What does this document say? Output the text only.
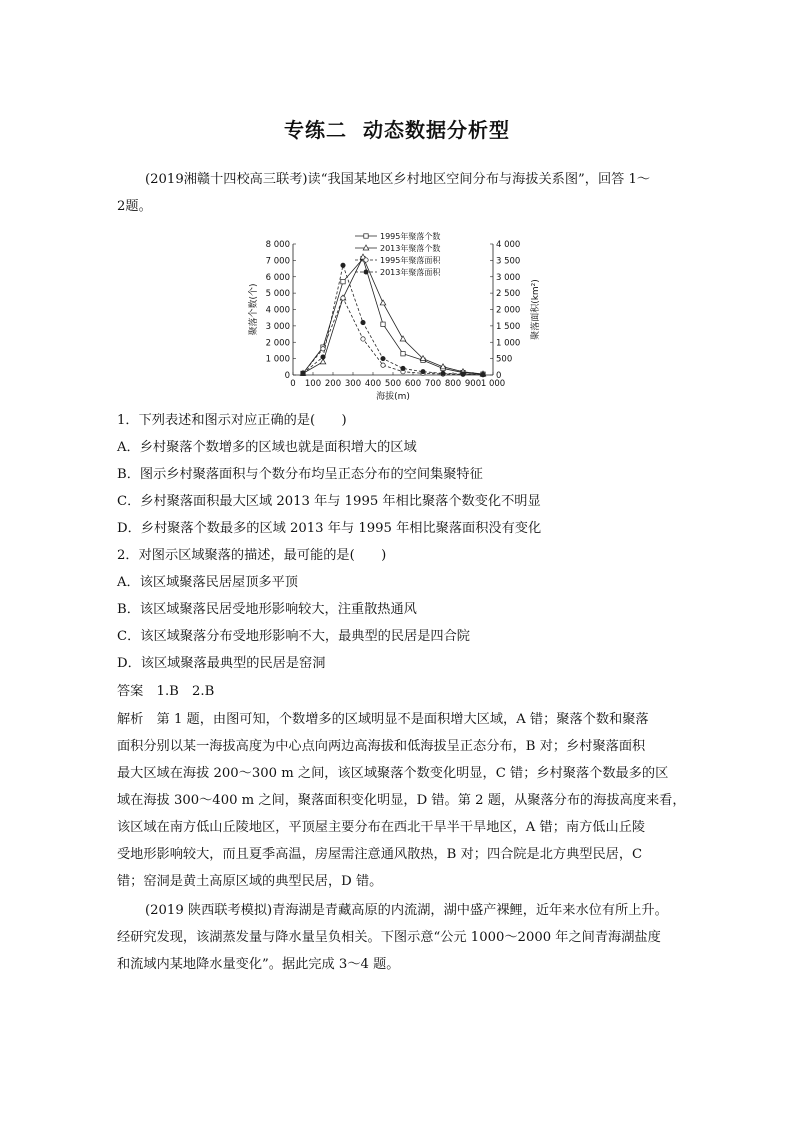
专练二 动态数据分析型
(2019湘赣十四校高三联考)读“我国某地区乡村地区空间分布与海拔关系图”，回答 1～
2题。
0
1 000
2 000
3 000
4 000
5 000
6 000
7 000
8 000
0
500
1 000
1 500
2 000
2 500
3 000
3 500
4 000
0 100 200 300 400 500 600 700 800 900 1 000
海拔(m)
聚落个数(个)	聚落面积(km²)
1995年聚落个数
2013年聚落个数
1995年聚落面积
2013年聚落面积
1．下列表述和图示对应正确的是(　　)
A．乡村聚落个数增多的区域也就是面积增大的区域
B．图示乡村聚落面积与个数分布均呈正态分布的空间集聚特征
C．乡村聚落面积最大区域 2013 年与 1995 年相比聚落个数变化不明显
D．乡村聚落个数最多的区域 2013 年与 1995 年相比聚落面积没有变化
2．对图示区域聚落的描述，最可能的是(　　)
A．该区域聚落民居屋顶多平顶
B．该区域聚落民居受地形影响较大，注重散热通风
C．该区域聚落分布受地形影响不大，最典型的民居是四合院
D．该区域聚落最典型的民居是窑洞
答案　1.B　2.B
解析　第 1 题，由图可知，个数增多的区域明显不是面积增大区域，A 错；聚落个数和聚落
面积分别以某一海拔高度为中心点向两边高海拔和低海拔呈正态分布，B 对；乡村聚落面积
最大区域在海拔 200～300 m 之间，该区域聚落个数变化明显，C 错；乡村聚落个数最多的区
域在海拔 300～400 m 之间，聚落面积变化明显，D 错。第 2 题，从聚落分布的海拔高度来看，
该区域在南方低山丘陵地区，平顶屋主要分布在西北干旱半干旱地区，A 错；南方低山丘陵
受地形影响较大，而且夏季高温，房屋需注意通风散热，B 对；四合院是北方典型民居，C
错；窑洞是黄土高原区域的典型民居，D 错。
(2019 陕西联考模拟)青海湖是青藏高原的内流湖，湖中盛产裸鲤，近年来水位有所上升。
经研究发现，该湖蒸发量与降水量呈负相关。下图示意“公元 1000～2000 年之间青海湖盐度
和流域内某地降水量变化”。据此完成 3～4 题。
